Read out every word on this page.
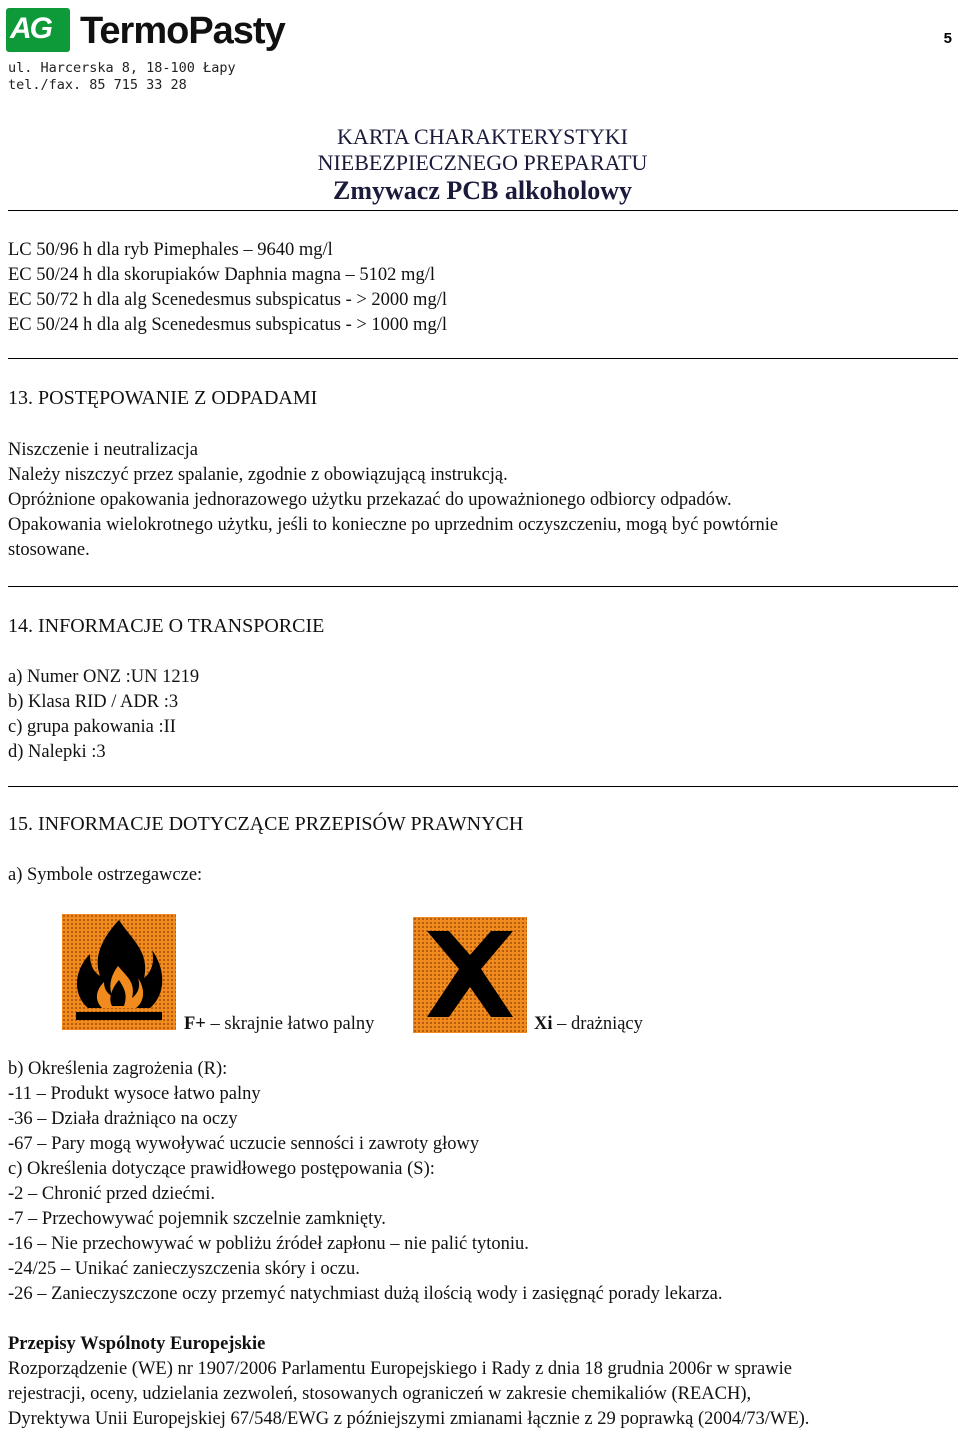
AG TermoPasty	5
ul. Harcerska 8, 18-100 Łapy
tel./fax. 85 715 33 28
KARTA CHARAKTERYSTYKI
NIEBEZPIECZNEGO PREPARATU
Zmywacz PCB alkoholowy
LC 50/96 h dla ryb Pimephales – 9640 mg/l
EC 50/24 h dla skorupiaków Daphnia magna – 5102 mg/l
EC 50/72 h dla alg Scenedesmus subspicatus - > 2000 mg/l
EC 50/24 h dla alg Scenedesmus subspicatus - > 1000 mg/l
13. POSTĘPOWANIE Z ODPADAMI
Niszczenie i neutralizacja
Należy niszczyć przez spalanie, zgodnie z obowiązującą instrukcją.
Opróżnione opakowania jednorazowego użytku przekazać do upoważnionego odbiorcy odpadów.
Opakowania wielokrotnego użytku, jeśli to konieczne po uprzednim oczyszczeniu, mogą być powtórnie
stosowane.
14. INFORMACJE O TRANSPORCIE
a) Numer ONZ :UN 1219
b) Klasa RID / ADR :3
c) grupa pakowania :II
d) Nalepki :3
15. INFORMACJE DOTYCZĄCE PRZEPISÓW PRAWNYCH
a) Symbole ostrzegawcze:
F+ – skrajnie łatwo palny	Xi – drażniący
b) Określenia zagrożenia (R):
-11 – Produkt wysoce łatwo palny
-36 – Działa drażniąco na oczy
-67 – Pary mogą wywoływać uczucie senności i zawroty głowy
c) Określenia dotyczące prawidłowego postępowania (S):
-2 – Chronić przed dziećmi.
-7 – Przechowywać pojemnik szczelnie zamknięty.
-16 – Nie przechowywać w pobliżu źródeł zapłonu – nie palić tytoniu.
-24/25 – Unikać zanieczyszczenia skóry i oczu.
-26 – Zanieczyszczone oczy przemyć natychmiast dużą ilością wody i zasięgnąć porady lekarza.
Przepisy Wspólnoty Europejskie
Rozporządzenie (WE) nr 1907/2006 Parlamentu Europejskiego i Rady z dnia 18 grudnia 2006r w sprawie
rejestracji, oceny, udzielania zezwoleń, stosowanych ograniczeń w zakresie chemikaliów (REACH),
Dyrektywa Unii Europejskiej 67/548/EWG z późniejszymi zmianami łącznie z 29 poprawką (2004/73/WE).
